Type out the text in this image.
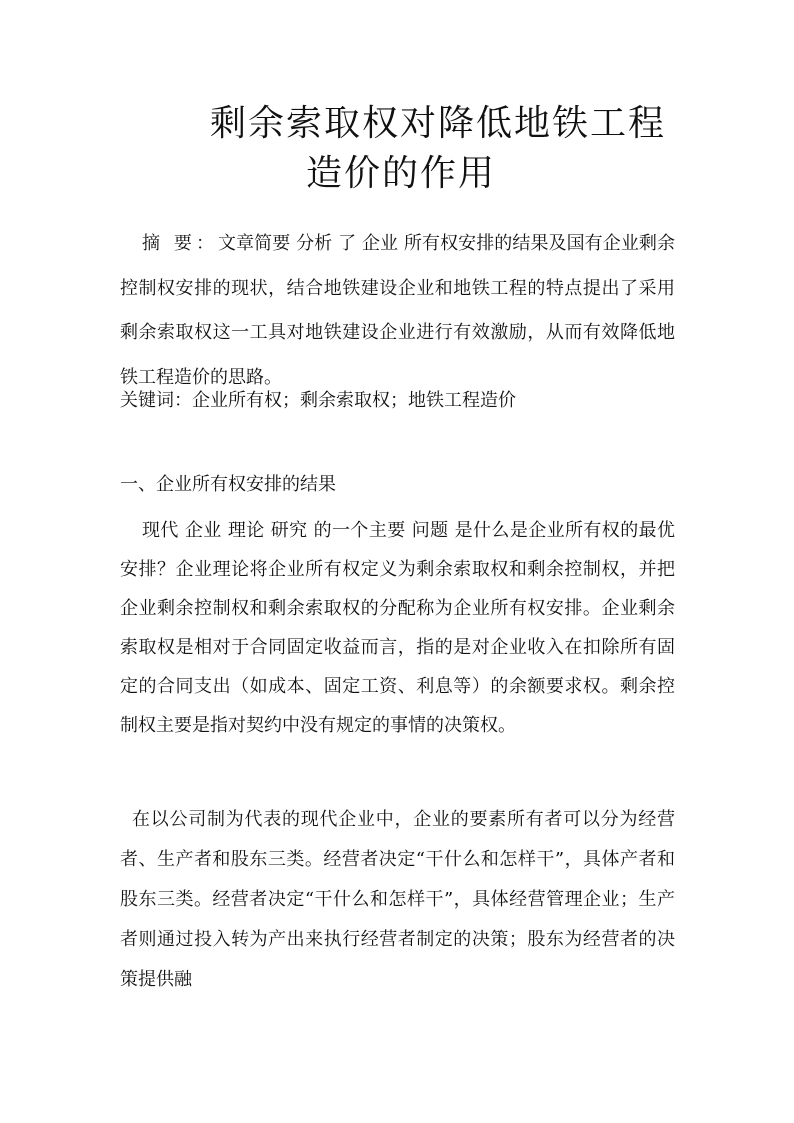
剩余索取权对降低地铁工程
造价的作用
摘 要：文章简要 分析 了 企业 所有权安排的结果及国有企业剩余控制权安排的现状，结合地铁建设企业和地铁工程的特点提出了采用剩余索取权这一工具对地铁建设企业进行有效激励，从而有效降低地铁工程造价的思路。
关键词：企业所有权；剩余索取权；地铁工程造价
一、企业所有权安排的结果
现代 企业 理论 研究 的一个主要 问题 是什么是企业所有权的最优安排？企业理论将企业所有权定义为剩余索取权和剩余控制权，并把企业剩余控制权和剩余索取权的分配称为企业所有权安排。企业剩余索取权是相对于合同固定收益而言，指的是对企业收入在扣除所有固定的合同支出（如成本、固定工资、利息等）的余额要求权。剩余控制权主要是指对契约中没有规定的事情的决策权。
在以公司制为代表的现代企业中，企业的要素所有者可以分为经营者、生产者和股东三类。经营者决定“干什么和怎样干”，具体产者和股东三类。经营者决定“干什么和怎样干”，具体经营管理企业；生产者则通过投入转为产出来执行经营者制定的决策；股东为经营者的决策提供融
